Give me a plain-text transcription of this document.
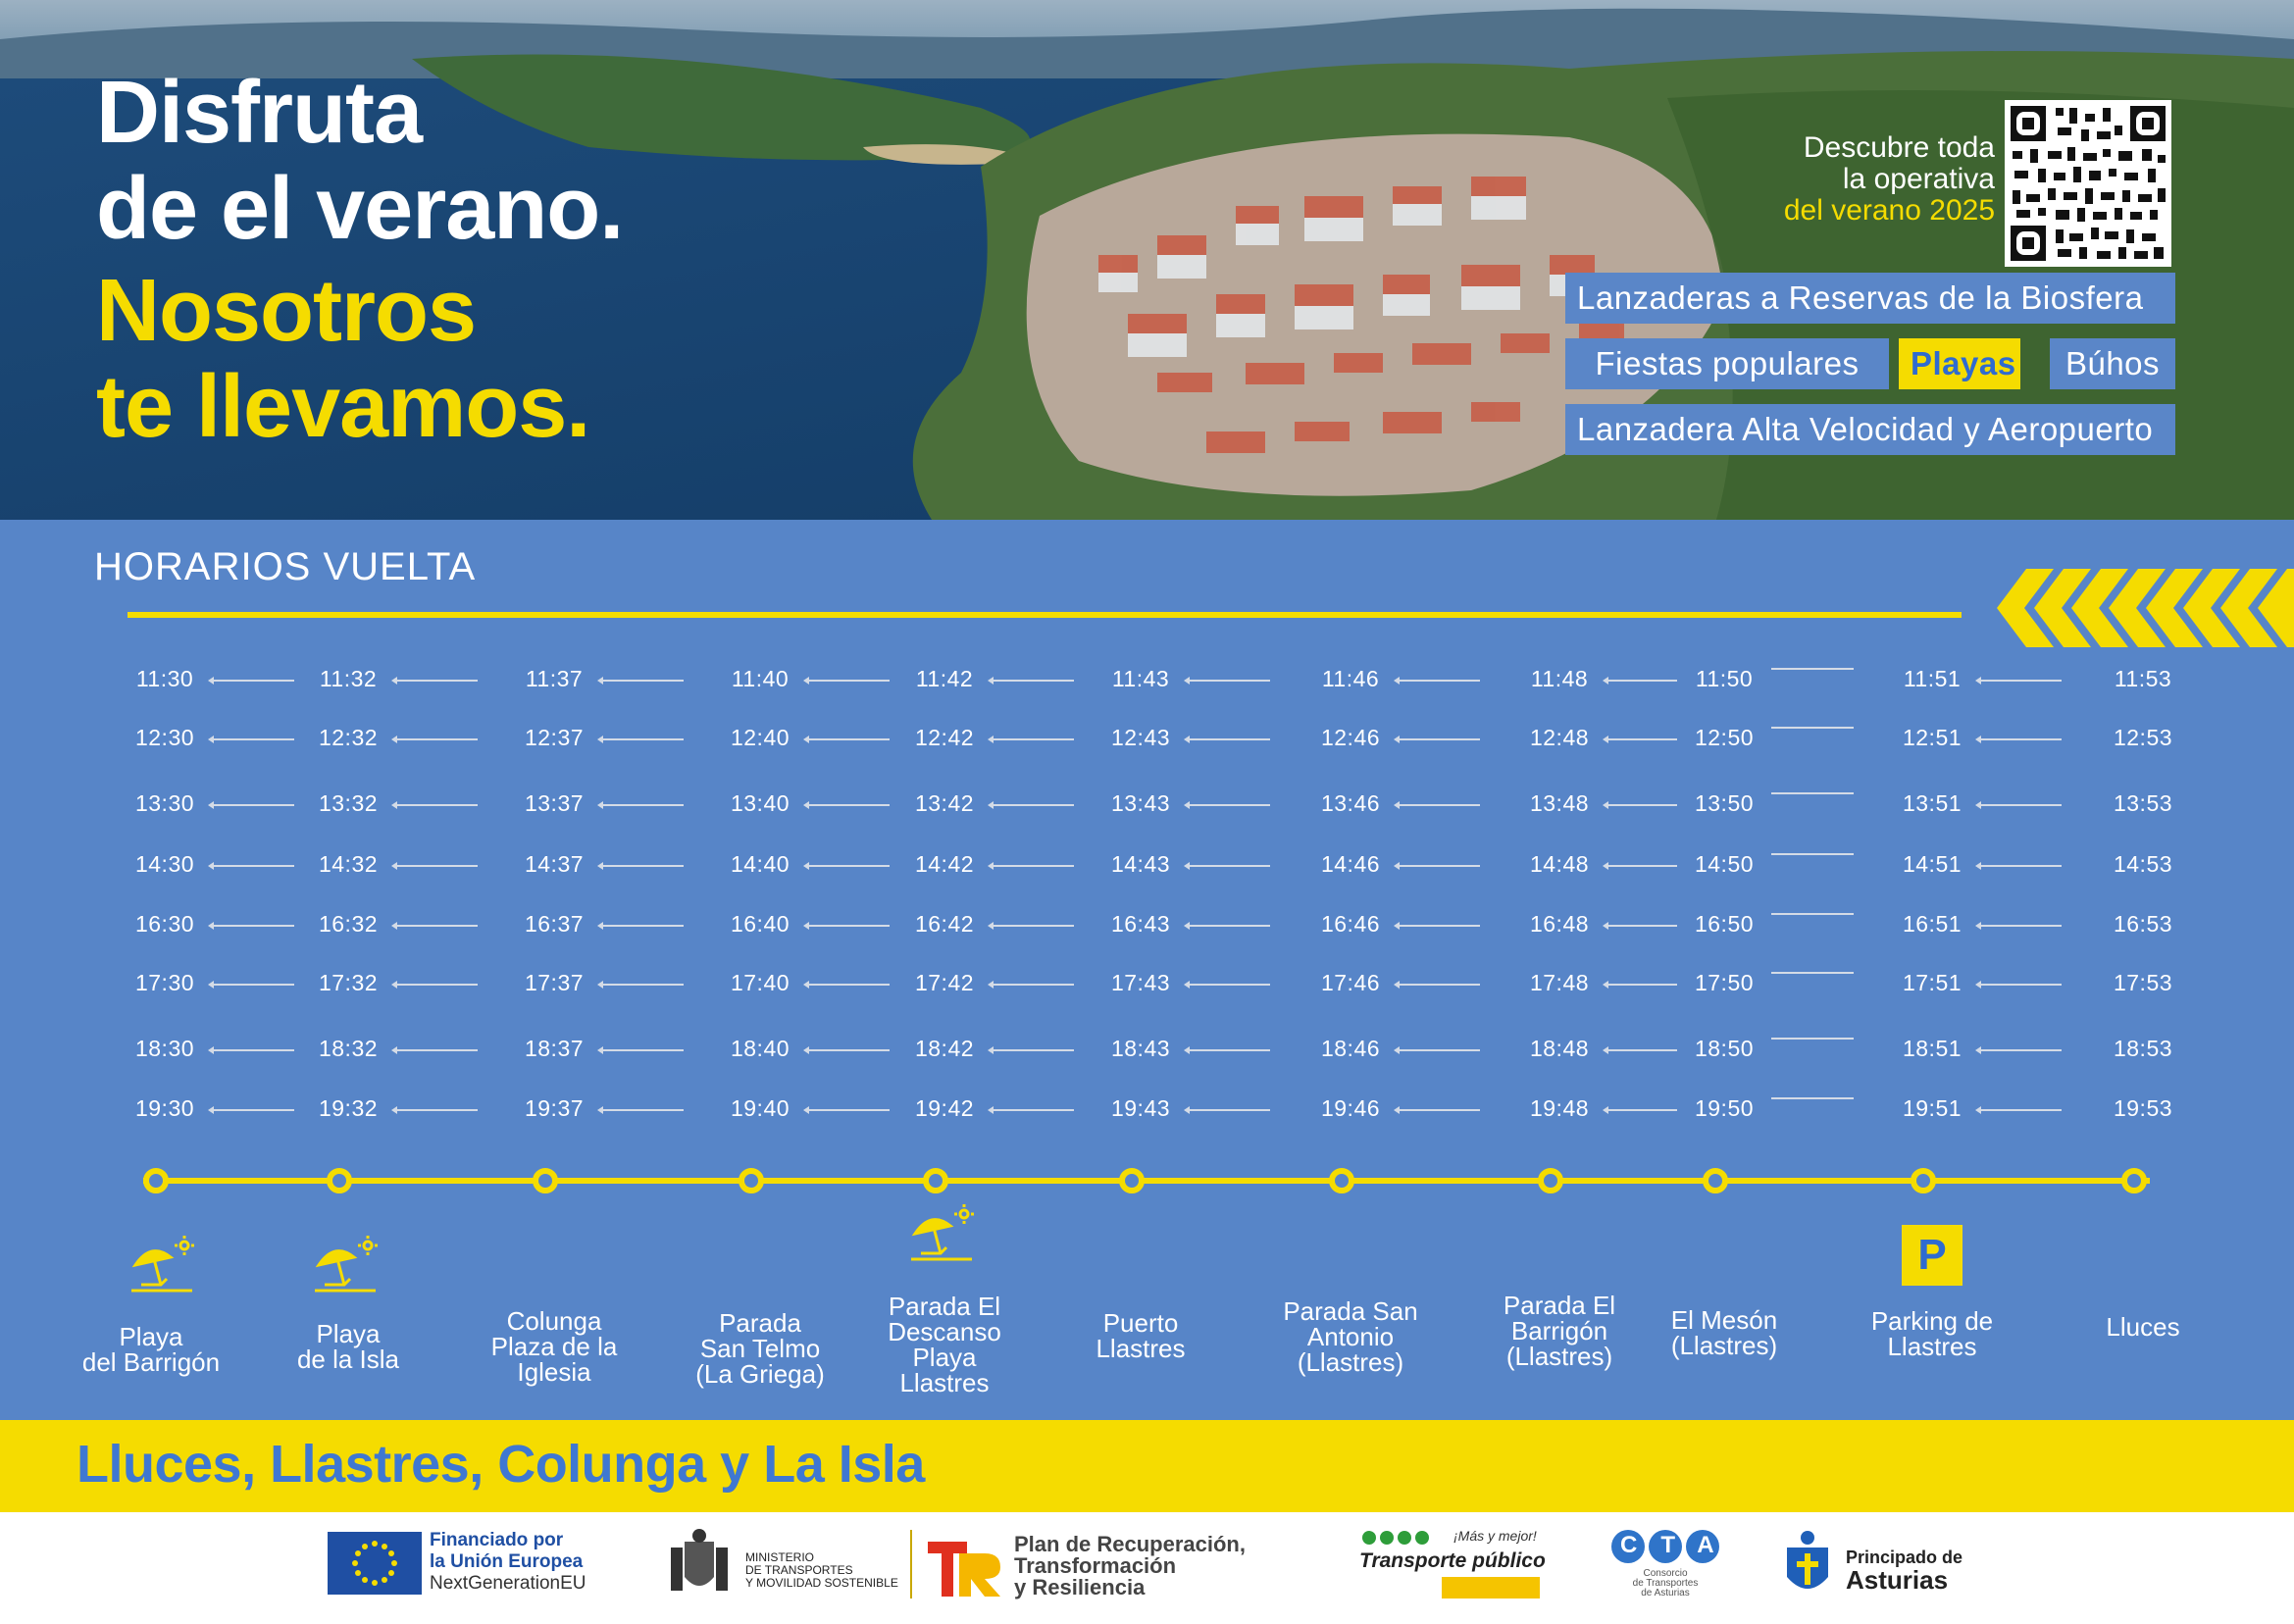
Disfruta
de el verano.
Nosotros
te llevamos.
Descubre toda
la operativa
del verano 2025
Lanzaderas a Reservas de la Biosfera
Fiestas populares	Playas	Búhos
Lanzadera Alta Velocidad y Aeropuerto
HORARIOS VUELTA
11:30	11:32	11:37	11:40	11:42	11:43	11:46	11:48	11:50	11:51	11:53
12:30	12:32	12:37	12:40	12:42	12:43	12:46	12:48	12:50	12:51	12:53
13:30	13:32	13:37	13:40	13:42	13:43	13:46	13:48	13:50	13:51	13:53
14:30	14:32	14:37	14:40	14:42	14:43	14:46	14:48	14:50	14:51	14:53
16:30	16:32	16:37	16:40	16:42	16:43	16:46	16:48	16:50	16:51	16:53
17:30	17:32	17:37	17:40	17:42	17:43	17:46	17:48	17:50	17:51	17:53
18:30	18:32	18:37	18:40	18:42	18:43	18:46	18:48	18:50	18:51	18:53
19:30	19:32	19:37	19:40	19:42	19:43	19:46	19:48	19:50	19:51	19:53
Playa
del Barrigón
Playa
de la Isla
Colunga
Plaza de la
Iglesia
Parada
San Telmo
(La Griega)
Parada El
Descanso
Playa
Llastres
Puerto
Llastres
Parada San
Antonio
(Llastres)
Parada El
Barrigón
(Llastres)
El Mesón
(Llastres)
Parking de
Llastres
P
Lluces
Lluces, Llastres, Colunga y La Isla
Financiado por
la Unión Europea
NextGenerationEU
MINISTERIO
DE TRANSPORTES
Y MOVILIDAD SOSTENIBLE
Plan de Recuperación,
Transformación
y Resiliencia
¡Más y mejor!
Transporte público
CTA
Consorcio
de Transportes
de Asturias
Principado de
Asturias
